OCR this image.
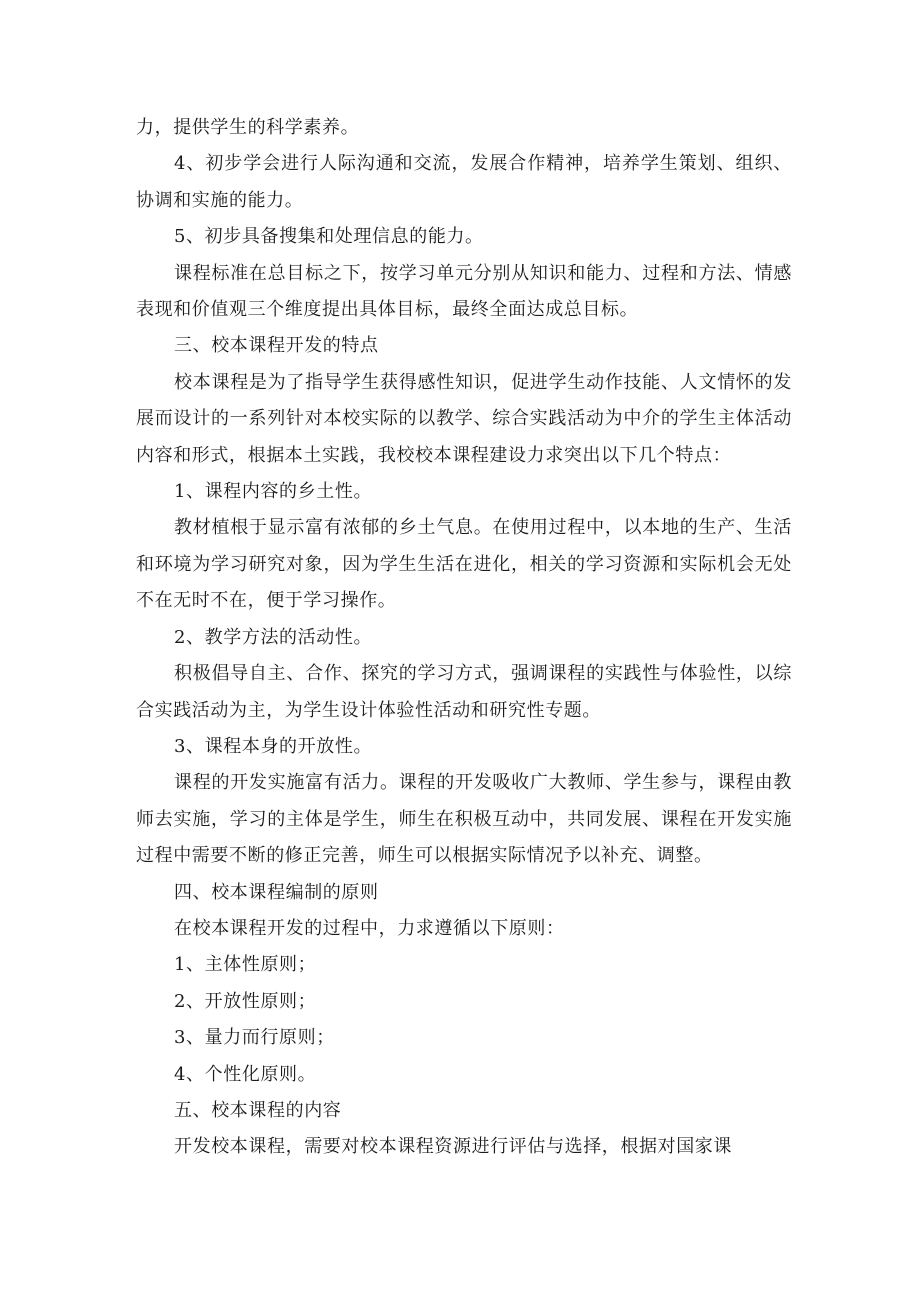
力，提供学生的科学素养。

4、初步学会进行人际沟通和交流，发展合作精神，培养学生策划、组织、协调和实施的能力。

5、初步具备搜集和处理信息的能力。

课程标准在总目标之下，按学习单元分别从知识和能力、过程和方法、情感表现和价值观三个维度提出具体目标，最终全面达成总目标。

三、校本课程开发的特点

校本课程是为了指导学生获得感性知识，促进学生动作技能、人文情怀的发展而设计的一系列针对本校实际的以教学、综合实践活动为中介的学生主体活动内容和形式，根据本土实践，我校校本课程建设力求突出以下几个特点：

1、课程内容的乡土性。

教材植根于显示富有浓郁的乡土气息。在使用过程中，以本地的生产、生活和环境为学习研究对象，因为学生生活在进化，相关的学习资源和实际机会无处不在无时不在，便于学习操作。

2、教学方法的活动性。

积极倡导自主、合作、探究的学习方式，强调课程的实践性与体验性，以综合实践活动为主，为学生设计体验性活动和研究性专题。

3、课程本身的开放性。

课程的开发实施富有活力。课程的开发吸收广大教师、学生参与，课程由教师去实施，学习的主体是学生，师生在积极互动中，共同发展、课程在开发实施过程中需要不断的修正完善，师生可以根据实际情况予以补充、调整。

四、校本课程编制的原则

在校本课程开发的过程中，力求遵循以下原则：

1、主体性原则；

2、开放性原则；

3、量力而行原则；

4、个性化原则。

五、校本课程的内容

开发校本课程，需要对校本课程资源进行评估与选择，根据对国家课
